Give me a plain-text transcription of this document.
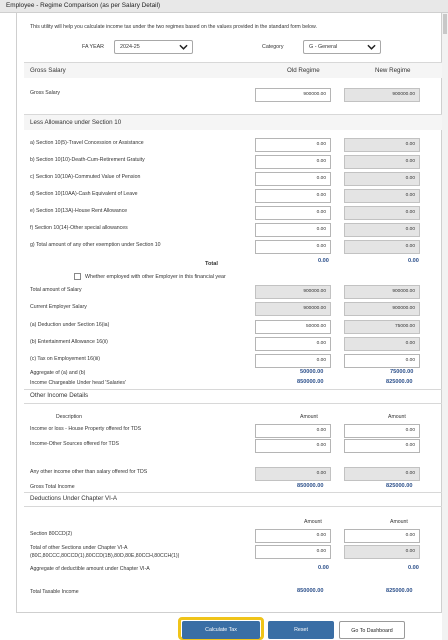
Employee - Regime Comparison (as per Salary Detail)
This utility will help you calculate income tax under the two regimes based on the values provided in the standard form below.
FA YEAR	2024-25	Category	G - General
Gross Salary	Old Regime	New Regime
Gross Salary	900000.00	900000.00
Less Allowance under Section 10
a) Section 10(5)-Travel Concession or Assistance	0.00	0.00
b) Section 10(10)-Death-Cum-Retirement Gratuity	0.00	0.00
c) Section 10(10A)-Commuted Value of Pension	0.00	0.00
d) Section 10(10AA)-Cash Equivalent of Leave	0.00	0.00
e) Section 10(13A)-House Rent Allowance	0.00	0.00
f) Section 10(14)-Other special allowances	0.00	0.00
g) Total amount of any other exemption under Section 10	0.00	0.00
Total	0.00	0.00
Whether employed with other Employer in this financial year
Total amount of Salary	900000.00	900000.00
Current Employer Salary	900000.00	900000.00
(a) Deduction under Section 16(ia)	50000.00	75000.00
(b) Entertainment Allowance 16(ii)	0.00	0.00
(c) Tax on Employement 16(iii)	0.00	0.00
Aggregate of (a) and (b)	50000.00	75000.00
Income Chargeable Under head 'Salaries'	850000.00	825000.00
Other Income Details
Description	Amount	Amount
Income or loss - House Property offered for TDS	0.00	0.00
Income-Other Sources offered for TDS	0.00	0.00
Any other income other than salary offered for TDS	0.00	0.00
Gross Total Income	850000.00	825000.00
Deductions Under Chapter VI-A
Amount	Amount
Section 80CCD(2)	0.00	0.00
Total of other Sections under Chapter VI-A
(80C,80CCC,80CCD(1),80CCD(1B),80D,80E,80CCH,80CCH(1))
0.00	0.00
Aggregate of deductible amount under Chapter VI-A	0.00	0.00
Total Taxable Income	850000.00	825000.00
Calculate Tax	Reset	Go To Dashboard
